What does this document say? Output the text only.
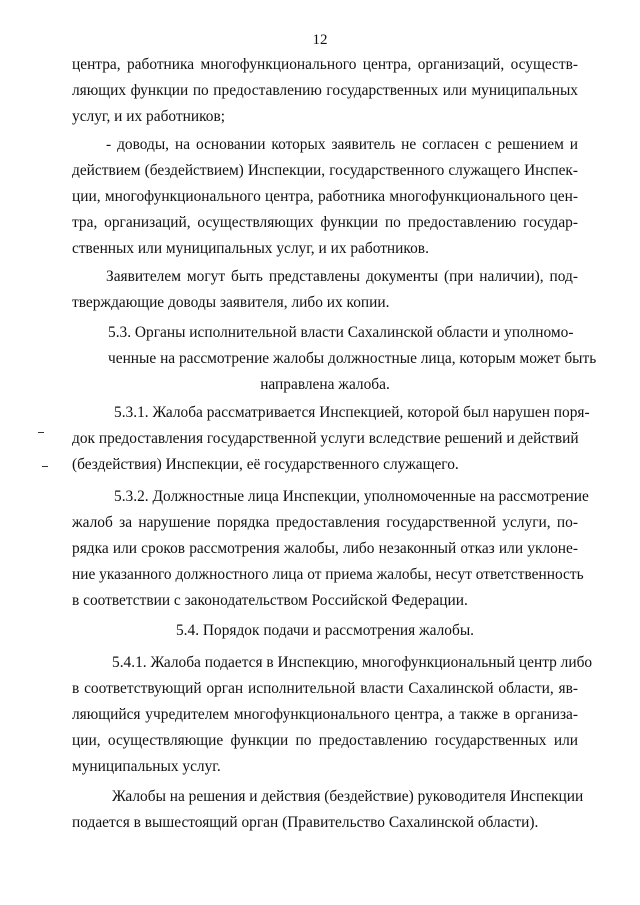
12
центра, работника многофункционального центра, организаций, осуществ-
ляющих функции по предоставлению государственных или муниципальных
услуг, и их работников;
- доводы, на основании которых заявитель не согласен с решением и
действием (бездействием) Инспекции, государственного служащего Инспек-
ции, многофункционального центра, работника многофункционального цен-
тра, организаций, осуществляющих функции по предоставлению государ-
ственных или муниципальных услуг, и их работников.
Заявителем могут быть представлены документы (при наличии), под-
тверждающие доводы заявителя, либо их копии.
5.3. Органы исполнительной власти Сахалинской области и уполномо-
ченные на рассмотрение жалобы должностные лица, которым может быть
направлена жалоба.
5.3.1. Жалоба рассматривается Инспекцией, которой был нарушен поря-
док предоставления государственной услуги вследствие решений и действий
(бездействия) Инспекции, её государственного служащего.
5.3.2. Должностные лица Инспекции, уполномоченные на рассмотрение
жалоб за нарушение порядка предоставления государственной услуги, по-
рядка или сроков рассмотрения жалобы, либо незаконный отказ или уклоне-
ние указанного должностного лица от приема жалобы, несут ответственность
в соответствии с законодательством Российской Федерации.
5.4. Порядок подачи и рассмотрения жалобы.
5.4.1. Жалоба подается в Инспекцию, многофункциональный центр либо
в соответствующий орган исполнительной власти Сахалинской области, яв-
ляющийся учредителем многофункционального центра, а также в организа-
ции, осуществляющие функции по предоставлению государственных или
муниципальных услуг.
Жалобы на решения и действия (бездействие) руководителя Инспекции
подается в вышестоящий орган (Правительство Сахалинской области).
